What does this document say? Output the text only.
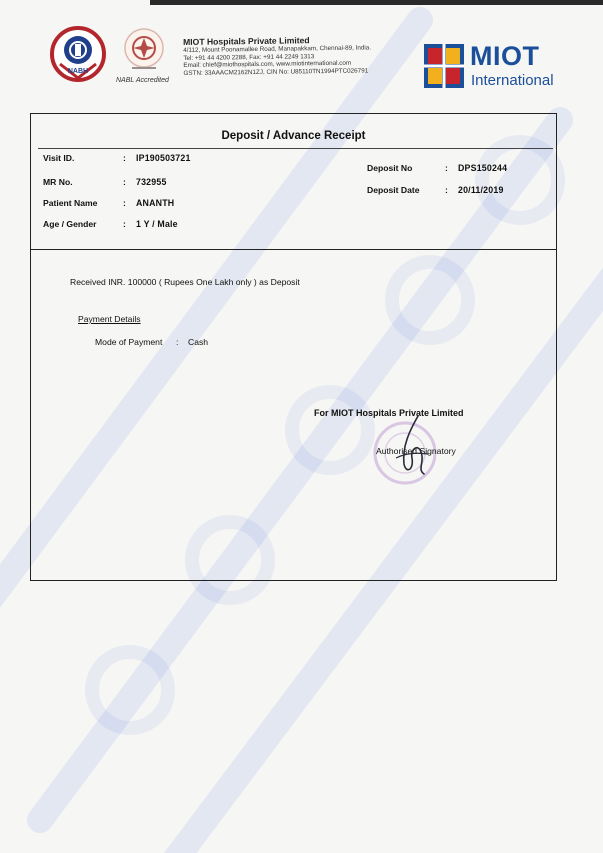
NABH
NABL Accredited
MIOT Hospitals Private Limited
4/112, Mount Poonamallee Road, Manapakkam, Chennai-89, India.
Tel: +91 44 4200 2288, Fax: +91 44 2249 1313
Email: chief@miothospitals.com, www.miotinternational.com
GSTN: 33AAACM2162N1ZJ, CIN No: U85110TN1994PTC026791
MIOT
International
Deposit / Advance Receipt
Visit ID.	: IP190503721
MR No.	: 732955
Patient Name	: ANANTH
Age / Gender	: 1 Y / Male
Deposit No	: DPS150244
Deposit Date	: 20/11/2019
Received INR. 100000 ( Rupees One Lakh only ) as Deposit
Payment Details
Mode of Payment : Cash
For MIOT Hospitals Private Limited
Authorised Signatory
